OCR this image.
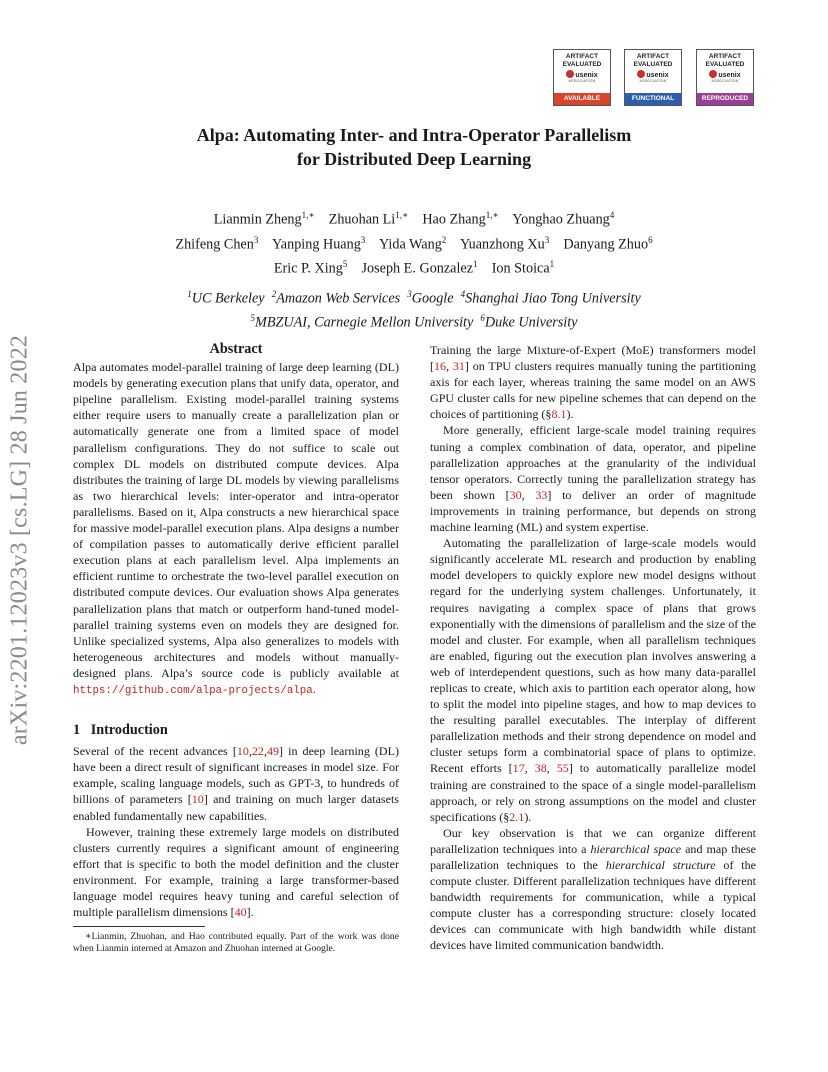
arXiv:2201.12023v3 [cs.LG] 28 Jun 2022
ARTIFACT
EVALUATED
usenix
ASSOCIATION
AVAILABLE
ARTIFACT
EVALUATED
usenix
ASSOCIATION
FUNCTIONAL
ARTIFACT
EVALUATED
usenix
ASSOCIATION
REPRODUCED
Alpa: Automating Inter- and Intra-Operator Parallelism
for Distributed Deep Learning
Lianmin Zheng$^{1,∗}$ Zhuohan $Li^{1,∗}$ Hao Zhang$^{1,∗}$ Yonghao Zhuang$^4$
Zhifeng Chen$^3$ Yanping Huang$^3$ Yida Wang$^2$ Yuanzhong Xu$^3$ Danyang Zhuo$^6$
Eric P. Xing$^5$ Joseph E. Gonzalez$^1$ Ion Stoica$^1$
$^1$UC Berkeley $^2$Amazon Web Services $^3$Google $^4$Shanghai Jiao Tong University
$^5$MBZUAI, Carnegie Mellon University $^6$Duke University
Abstract

Alpa automates model-parallel training of large deep learning (DL) models by generating execution plans that unify data, operator, and pipeline parallelism. Existing model-parallel training systems either require users to manually create a parallelization plan or automatically generate one from a limited space of model parallelism configurations. They do not suffice to scale out complex DL models on distributed compute devices. Alpa distributes the training of large DL models by viewing parallelisms as two hierarchical levels: inter-operator and intra-operator parallelisms. Based on it, Alpa constructs a new hierarchical space for massive model-parallel execution plans. Alpa designs a number of compilation passes to automatically derive efficient parallel execution plans at each parallelism level. Alpa implements an efficient runtime to orchestrate the two-level parallel execution on distributed compute devices. Our evaluation shows Alpa generates parallelization plans that match or outperform hand-tuned model-parallel training systems even on models they are designed for. Unlike specialized systems, Alpa also generalizes to models with heterogeneous architectures and models without manually-designed plans. Alpa’s source code is publicly available at https://github.com/alpa-projects/alpa.

1 Introduction

Several of the recent advances [10,22,49] in deep learning (DL) have been a direct result of significant increases in model size. For example, scaling language models, such as GPT-3, to hundreds of billions of parameters [10] and training on much larger datasets enabled fundamentally new capabilities.

However, training these extremely large models on distributed clusters currently requires a significant amount of engineering effort that is specific to both the model definition and the cluster environment. For example, training a large transformer-based language model requires heavy tuning and careful selection of multiple parallelism dimensions [40].

∗Lianmin, Zhuohan, and Hao contributed equally. Part of the work was done when Lianmin interned at Amazon and Zhuohan interned at Google.

Training the large Mixture-of-Expert (MoE) transformers model [16, 31] on TPU clusters requires manually tuning the partitioning axis for each layer, whereas training the same model on an AWS GPU cluster calls for new pipeline schemes that can depend on the choices of partitioning (§8.1).

More generally, efficient large-scale model training requires tuning a complex combination of data, operator, and pipeline parallelization approaches at the granularity of the individual tensor operators. Correctly tuning the parallelization strategy has been shown [30, 33] to deliver an order of magnitude improvements in training performance, but depends on strong machine learning (ML) and system expertise.

Automating the parallelization of large-scale models would significantly accelerate ML research and production by enabling model developers to quickly explore new model designs without regard for the underlying system challenges. Unfortunately, it requires navigating a complex space of plans that grows exponentially with the dimensions of parallelism and the size of the model and cluster. For example, when all parallelism techniques are enabled, figuring out the execution plan involves answering a web of interdependent questions, such as how many data-parallel replicas to create, which axis to partition each operator along, how to split the model into pipeline stages, and how to map devices to the resulting parallel executables. The interplay of different parallelization methods and their strong dependence on model and cluster setups form a combinatorial space of plans to optimize. Recent efforts [17, 38, 55] to automatically parallelize model training are constrained to the space of a single model-parallelism approach, or rely on strong assumptions on the model and cluster specifications (§2.1).

Our key observation is that we can organize different parallelization techniques into a hierarchical space and map these parallelization techniques to the hierarchical structure of the compute cluster. Different parallelization techniques have different bandwidth requirements for communication, while a typical compute cluster has a corresponding structure: closely located devices can communicate with high bandwidth while distant devices have limited communication bandwidth.
